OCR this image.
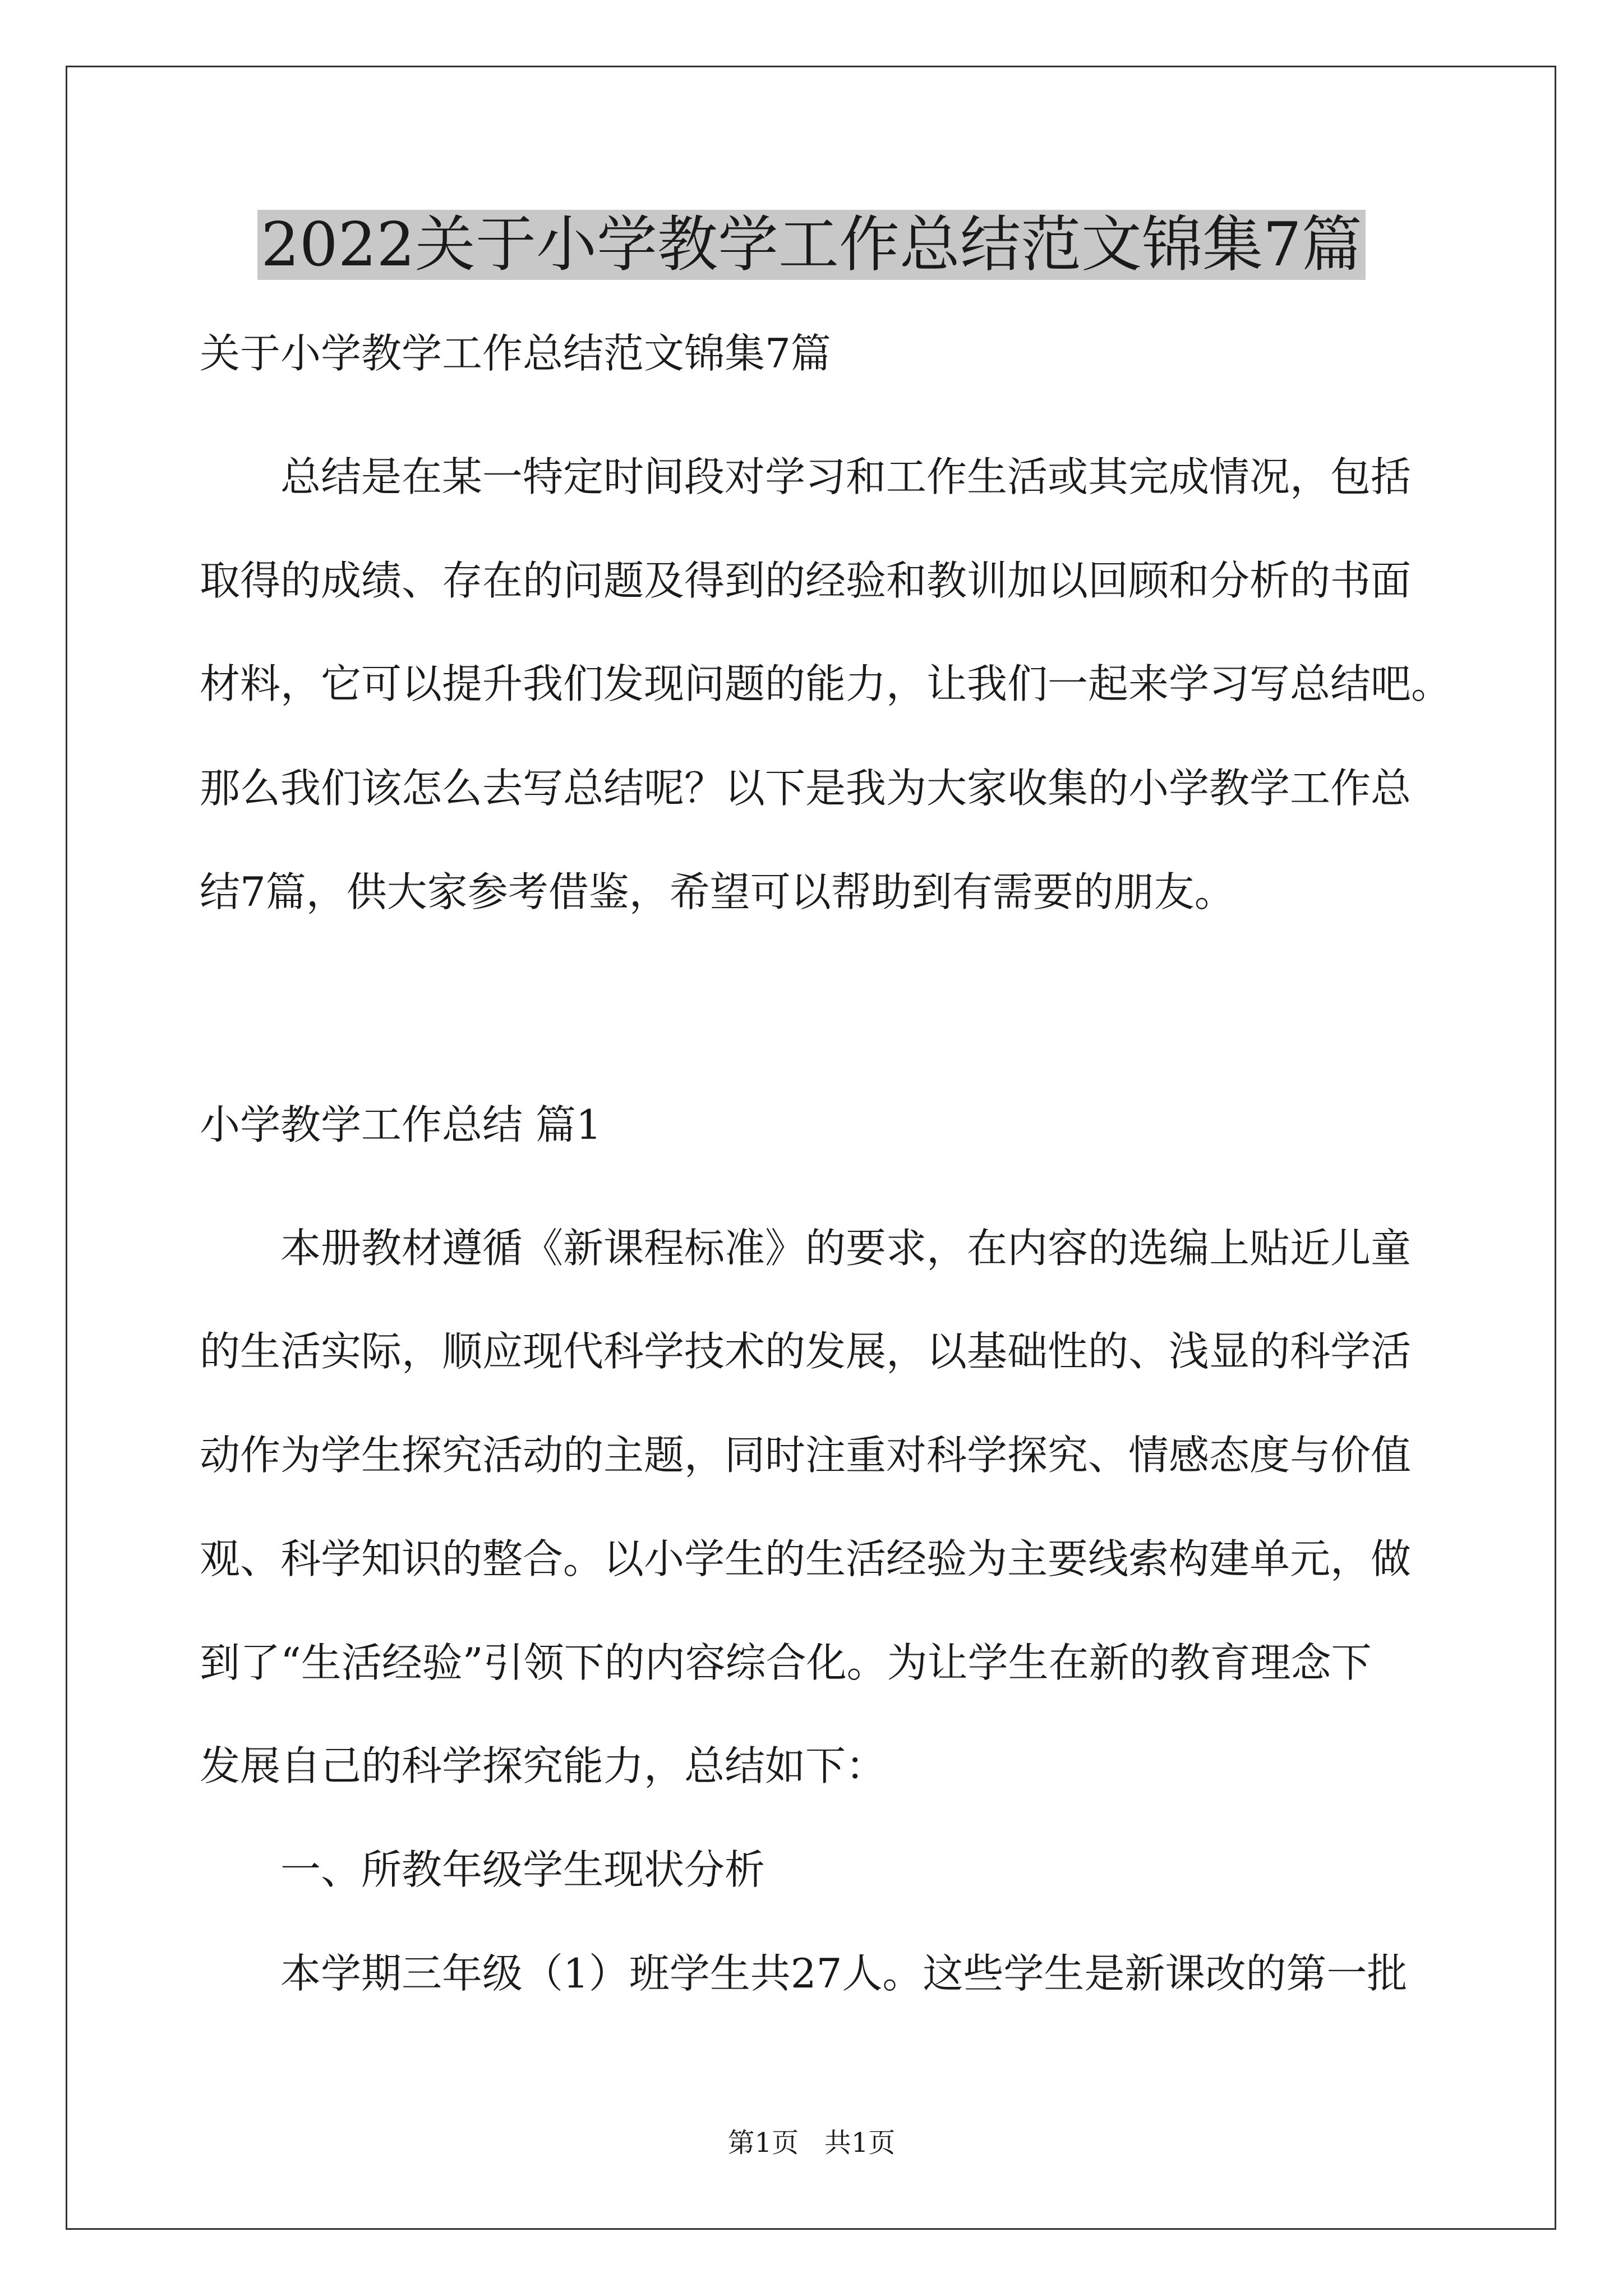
2022关于小学教学工作总结范文锦集7篇

关于小学教学工作总结范文锦集7篇

总结是在某一特定时间段对学习和工作生活或其完成情况，包括

取得的成绩、存在的问题及得到的经验和教训加以回顾和分析的书面

材料，它可以提升我们发现问题的能力，让我们一起来学习写总结吧。

那么我们该怎么去写总结呢？以下是我为大家收集的小学教学工作总

结7篇，供大家参考借鉴，希望可以帮助到有需要的朋友。

小学教学工作总结 篇1

本册教材遵循《新课程标准》的要求，在内容的选编上贴近儿童

的生活实际，顺应现代科学技术的发展，以基础性的、浅显的科学活

动作为学生探究活动的主题，同时注重对科学探究、情感态度与价值

观、科学知识的整合。以小学生的生活经验为主要线索构建单元，做

到了“生活经验”引领下的内容综合化。为让学生在新的教育理念下

发展自己的科学探究能力，总结如下：

一、所教年级学生现状分析

本学期三年级（1）班学生共27人。这些学生是新课改的第一批

第1页   共1页
